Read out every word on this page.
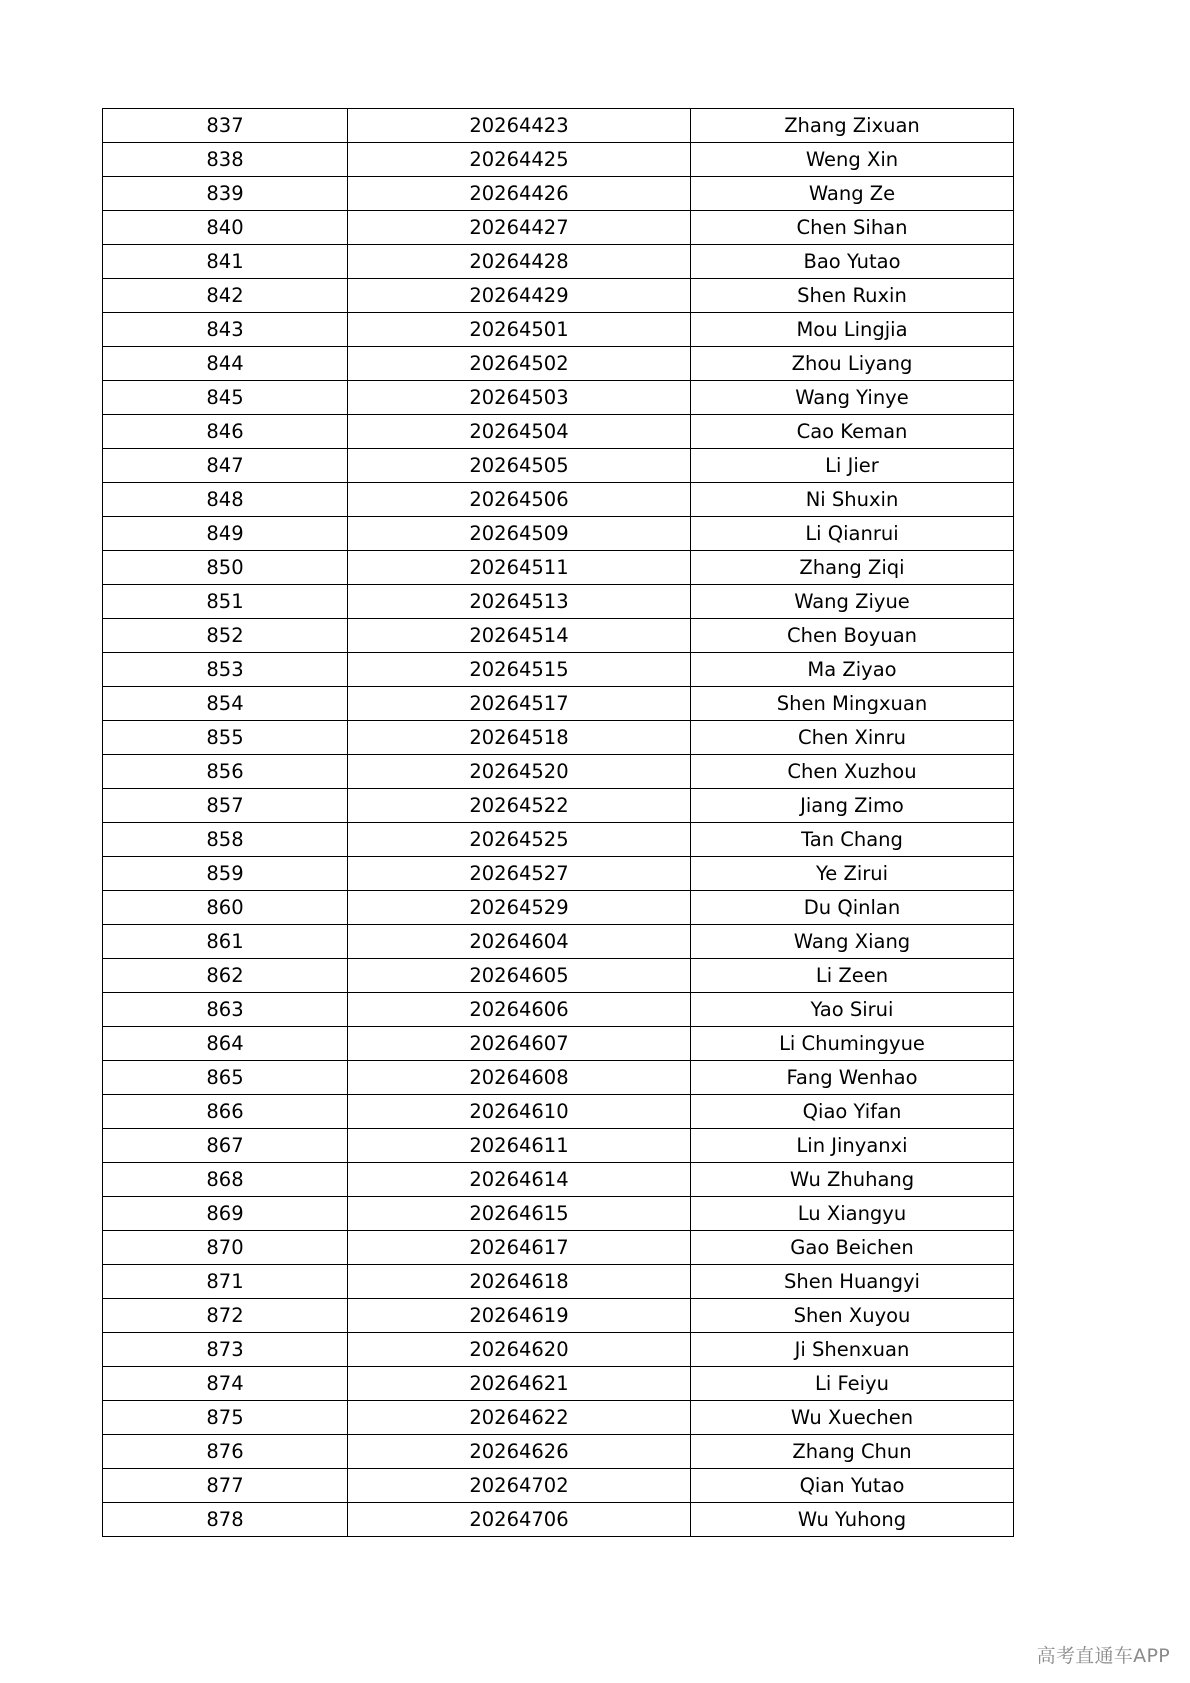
837	20264423	Zhang Zixuan
838	20264425	Weng Xin
839	20264426	Wang Ze
840	20264427	Chen Sihan
841	20264428	Bao Yutao
842	20264429	Shen Ruxin
843	20264501	Mou Lingjia
844	20264502	Zhou Liyang
845	20264503	Wang Yinye
846	20264504	Cao Keman
847	20264505	Li Jier
848	20264506	Ni Shuxin
849	20264509	Li Qianrui
850	20264511	Zhang Ziqi
851	20264513	Wang Ziyue
852	20264514	Chen Boyuan
853	20264515	Ma Ziyao
854	20264517	Shen Mingxuan
855	20264518	Chen Xinru
856	20264520	Chen Xuzhou
857	20264522	Jiang Zimo
858	20264525	Tan Chang
859	20264527	Ye Zirui
860	20264529	Du Qinlan
861	20264604	Wang Xiang
862	20264605	Li Zeen
863	20264606	Yao Sirui
864	20264607	Li Chumingyue
865	20264608	Fang Wenhao
866	20264610	Qiao Yifan
867	20264611	Lin Jinyanxi
868	20264614	Wu Zhuhang
869	20264615	Lu Xiangyu
870	20264617	Gao Beichen
871	20264618	Shen Huangyi
872	20264619	Shen Xuyou
873	20264620	Ji Shenxuan
874	20264621	Li Feiyu
875	20264622	Wu Xuechen
876	20264626	Zhang Chun
877	20264702	Qian Yutao
878	20264706	Wu Yuhong
高考直通车APP
